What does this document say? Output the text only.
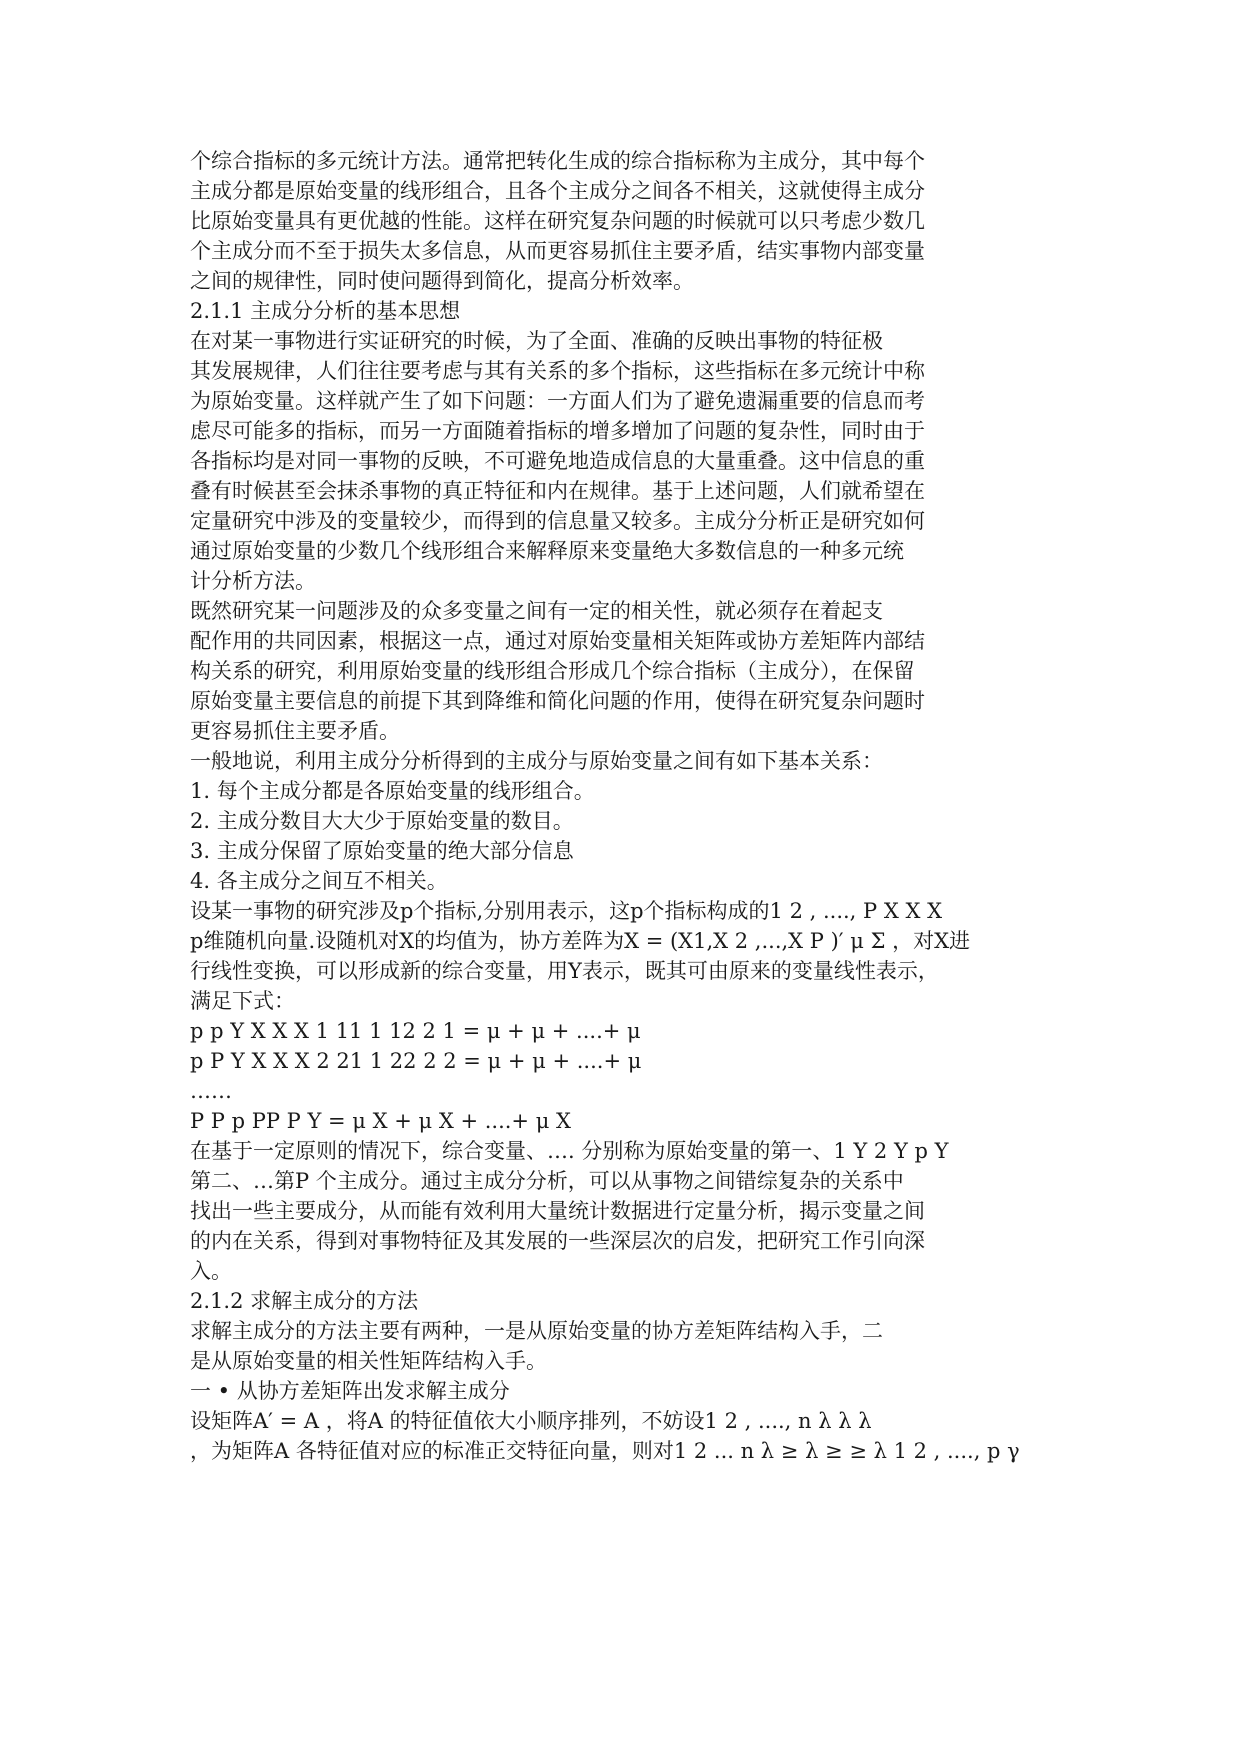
个综合指标的多元统计方法。通常把转化生成的综合指标称为主成分，其中每个
主成分都是原始变量的线形组合，且各个主成分之间各不相关，这就使得主成分
比原始变量具有更优越的性能。这样在研究复杂问题的时候就可以只考虑少数几
个主成分而不至于损失太多信息，从而更容易抓住主要矛盾，结实事物内部变量
之间的规律性，同时使问题得到简化，提高分析效率。
2.1.1 主成分分析的基本思想
在对某一事物进行实证研究的时候，为了全面、准确的反映出事物的特征极
其发展规律，人们往往要考虑与其有关系的多个指标，这些指标在多元统计中称
为原始变量。这样就产生了如下问题：一方面人们为了避免遗漏重要的信息而考
虑尽可能多的指标，而另一方面随着指标的增多增加了问题的复杂性，同时由于
各指标均是对同一事物的反映，不可避免地造成信息的大量重叠。这中信息的重
叠有时候甚至会抹杀事物的真正特征和内在规律。基于上述问题，人们就希望在
定量研究中涉及的变量较少，而得到的信息量又较多。主成分分析正是研究如何
通过原始变量的少数几个线形组合来解释原来变量绝大多数信息的一种多元统
计分析方法。
既然研究某一问题涉及的众多变量之间有一定的相关性，就必须存在着起支
配作用的共同因素，根据这一点，通过对原始变量相关矩阵或协方差矩阵内部结
构关系的研究，利用原始变量的线形组合形成几个综合指标（主成分），在保留
原始变量主要信息的前提下其到降维和简化问题的作用，使得在研究复杂问题时
更容易抓住主要矛盾。
一般地说，利用主成分分析得到的主成分与原始变量之间有如下基本关系：
1. 每个主成分都是各原始变量的线形组合。
2. 主成分数目大大少于原始变量的数目。
3. 主成分保留了原始变量的绝大部分信息
4. 各主成分之间互不相关。
设某一事物的研究涉及p个指标,分别用表示，这p个指标构成的1 2 , ...., P X X X
p维随机向量.设随机对X的均值为，协方差阵为X = (X1,X 2 ,...,X P )′ μ Σ ，对X进
行线性变换，可以形成新的综合变量，用Y表示，既其可由原来的变量线性表示，
满足下式：
p p Y X X X 1 11 1 12 2 1 = μ + μ + ....+ μ
p P Y X X X 2 21 1 22 2 2 = μ + μ + ....+ μ
……
P P p PP P Y = μ X + μ X + ....+ μ X
在基于一定原则的情况下，综合变量、…. 分别称为原始变量的第一、1 Y 2 Y p Y
第二、…第P 个主成分。通过主成分分析，可以从事物之间错综复杂的关系中
找出一些主要成分，从而能有效利用大量统计数据进行定量分析，揭示变量之间
的内在关系，得到对事物特征及其发展的一些深层次的启发，把研究工作引向深
入。
2.1.2 求解主成分的方法
求解主成分的方法主要有两种，一是从原始变量的协方差矩阵结构入手，二
是从原始变量的相关性矩阵结构入手。
一 • 从协方差矩阵出发求解主成分
设矩阵A′ = A ，将A 的特征值依大小顺序排列，不妨设1 2 , ...., n λ λ λ
，为矩阵A 各特征值对应的标准正交特征向量，则对1 2 ... n λ ≥ λ ≥ ≥ λ 1 2 , ...., p γ
